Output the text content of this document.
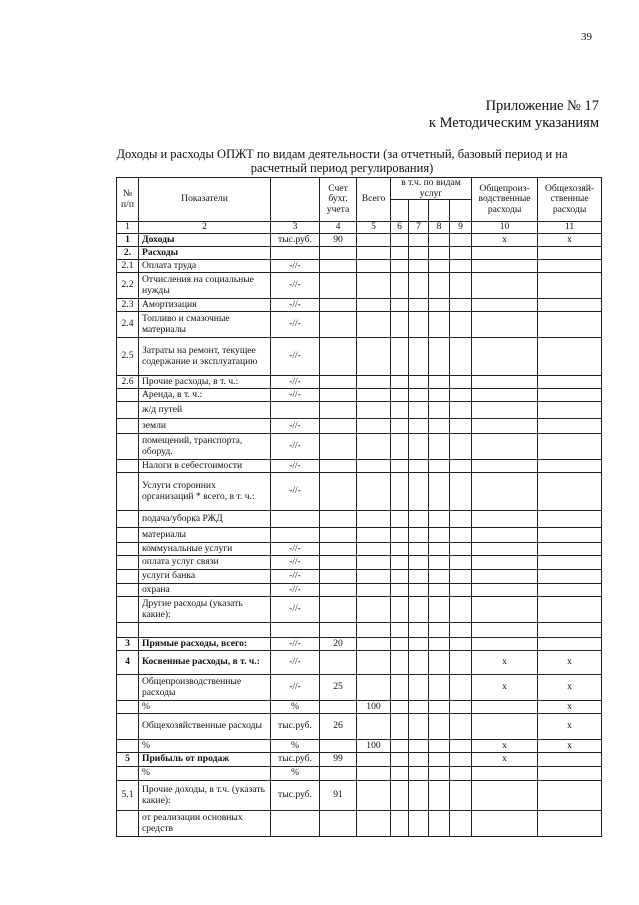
39
Приложение № 17
к Методическим указаниям
Доходы и расходы ОПЖТ по видам деятельности (за отчетный, базовый период и на расчетный период регулирования)
№ п/п	Показатели		Счет бухг. учета	Всего	в т.ч. по видам услуг				Общепроиз-водственные расходы	Общехозяй-ственные расходы

1	2	3	4	5	6	7	8	9	10	11
1	Доходы	тыс.руб.	90						x	x
2.	Расходы									
2.1	Оплата труда	-//-								
2.2	Отчисления на социальные нужды	-//-								
2.3	Амортизация	-//-								
2.4	Топливо и смазочные материалы	-//-								
2.5	Затраты на ремонт, текущее содержание и эксплуатацию	-//-								
2.6	Прочие расходы, в т. ч.:	-//-								
	Аренда, в т. ч.:	-//-								
	ж/д путей									
	земли	-//-								
	помещений, транспорта, оборуд.	-//-								
	Налоги в себестоимости	-//-								
	Услуги сторонних организаций * всего, в т. ч.:	-//-								
	подача/уборка РЖД									
	материалы									
	коммунальные услуги	-//-								
	оплата услуг связи	-//-								
	услуги банка	-//-								
	охрана	-//-								
	Другие расходы (указать какие):	-//-								

3	Прямые расходы, всего:	-//-	20							
4	Косвенные расходы, в т. ч.:	-//-							x	x
	Общепроизводственные расходы	-//-	25						x	x
	%	%		100						x
	Общехозяйственные расходы	тыс.руб.	26							x
	%	%		100					x	x
5	Прибыль от продаж	тыс.руб.	99						x	
	%	%								
5.1	Прочие доходы, в т.ч. (указать какие):	тыс.руб.	91							
	от реализации основных средств									
